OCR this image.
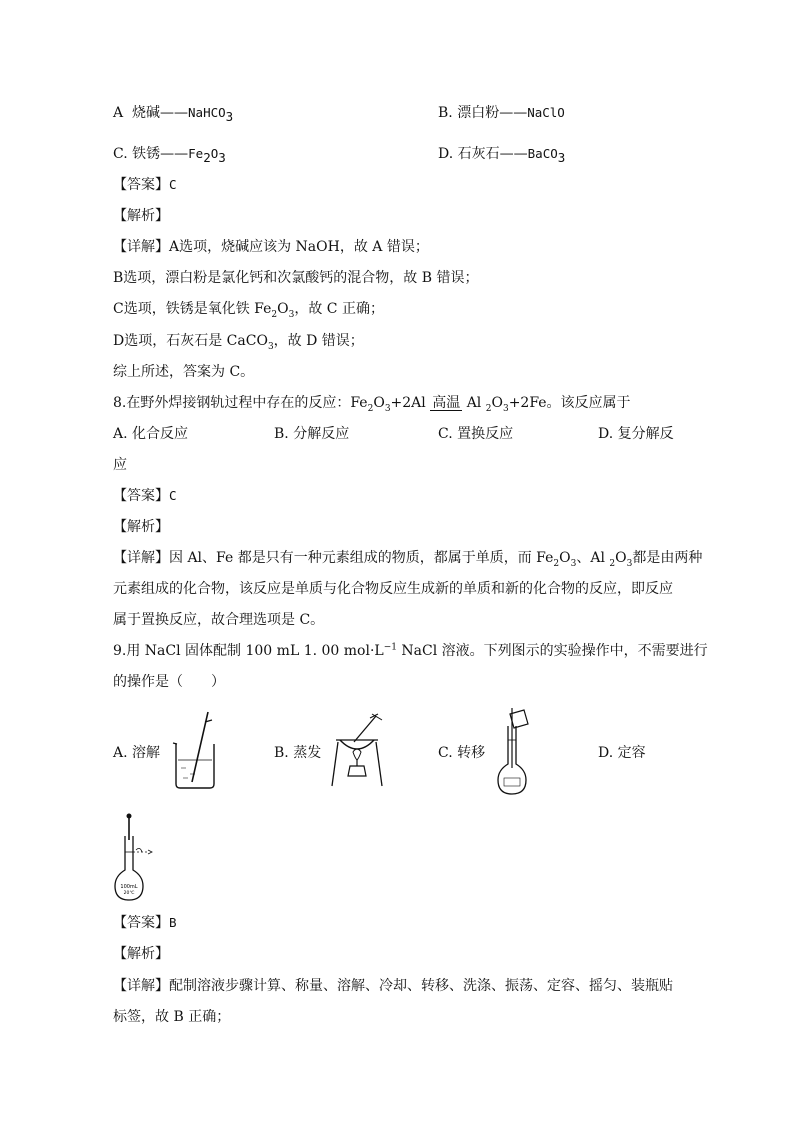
A 烧碱——NaHCO$_3$	B. 漂白粉——NaClO
C. 铁锈$——Fe_2O_3$	D. 石灰石——BaCO$_3$
【答案】C
【解析】
【详解】A选项，烧碱应该为 NaOH，故 A 错误；
B选项，漂白粉是氯化钙和次氯酸钙的混合物，故 B 错误；
C选项，铁锈是氧化铁 $Fe_2O_3$，故 C 正确；
D选项，石灰石是 CaCO$_3$，故 D 错误；
综上所述，答案为 C。
8.在野外焊接钢轨过程中存在的反应：$Fe_2O_3+2Al$ 高温 Al $_2O_3+2Fe$。该反应属于
A. 化合反应	B. 分解反应	C. 置换反应	D. 复分解反
应
【答案】C
【解析】
【详解】因 Al、Fe 都是只有一种元素组成的物质，都属于单质，而 $Fe_2O_3$、Al $_2O_3$都是由两种
元素组成的化合物，该反应是单质与化合物反应生成新的单质和新的化合物的反应，即反应
属于置换反应，故合理选项是 C。
9.用 NaCl 固体配制 100 mL 1. 00 $mol\cdot L^{-1}$ NaCl 溶液。下列图示的实验操作中，不需要进行
的操作是（　　）
A. 溶解	B. 蒸发	C. 转移	D. 定容
100mL
20℃
【答案】B
【解析】
【详解】配制溶液步骤计算、称量、溶解、冷却、转移、洗涤、振荡、定容、摇匀、装瓶贴
标签，故 B 正确；
